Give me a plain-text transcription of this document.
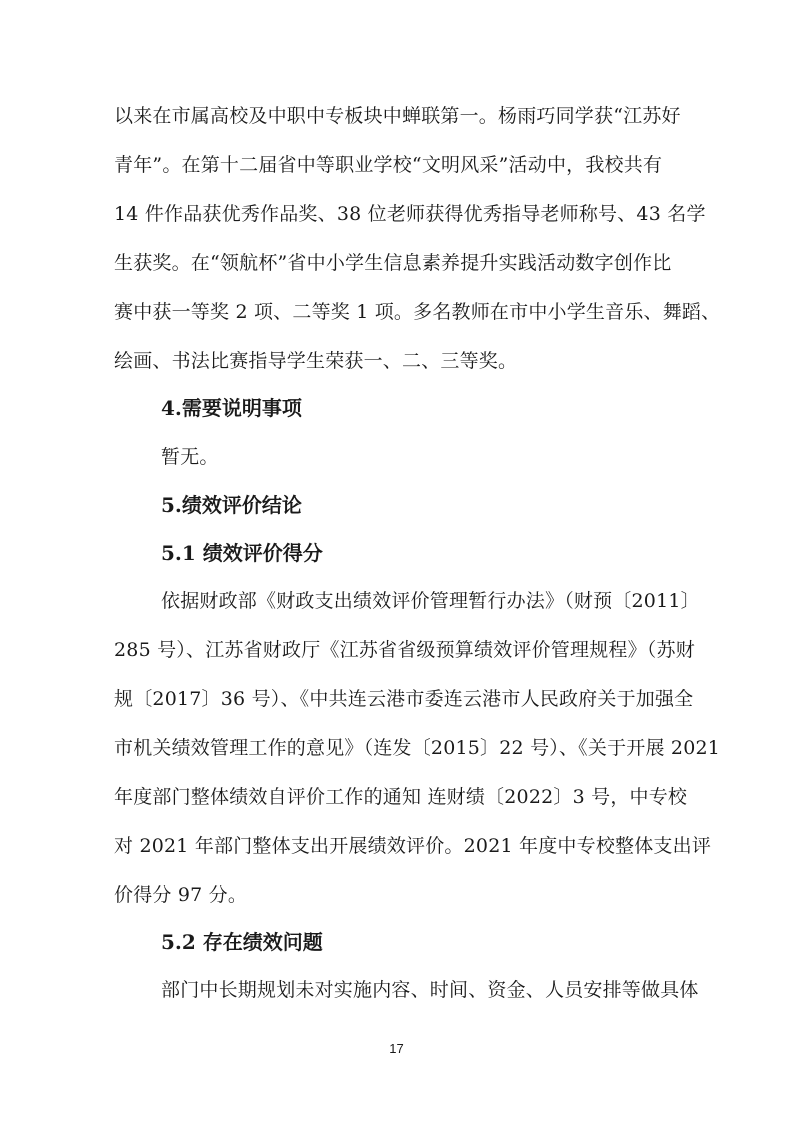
以来在市属高校及中职中专板块中蝉联第一。杨雨巧同学获“江苏好
青年”。在第十二届省中等职业学校“文明风采”活动中，我校共有
14 件作品获优秀作品奖、38 位老师获得优秀指导老师称号、43 名学
生获奖。在“领航杯”省中小学生信息素养提升实践活动数字创作比
赛中获一等奖 2 项、二等奖 1 项。多名教师在市中小学生音乐、舞蹈、
绘画、书法比赛指导学生荣获一、二、三等奖。
4.需要说明事项
暂无。
5.绩效评价结论
5.1 绩效评价得分
依据财政部《财政支出绩效评价管理暂行办法》（财预〔2011〕
285 号）、江苏省财政厅《江苏省省级预算绩效评价管理规程》（苏财
规〔2017〕36 号）、《中共连云港市委连云港市人民政府关于加强全
市机关绩效管理工作的意见》（连发〔2015〕22 号）、《关于开展 2021
年度部门整体绩效自评价工作的通知 连财绩〔2022〕3 号，中专校
对 2021 年部门整体支出开展绩效评价。2021 年度中专校整体支出评
价得分 97 分。
5.2 存在绩效问题
部门中长期规划未对实施内容、时间、资金、人员安排等做具体
17
